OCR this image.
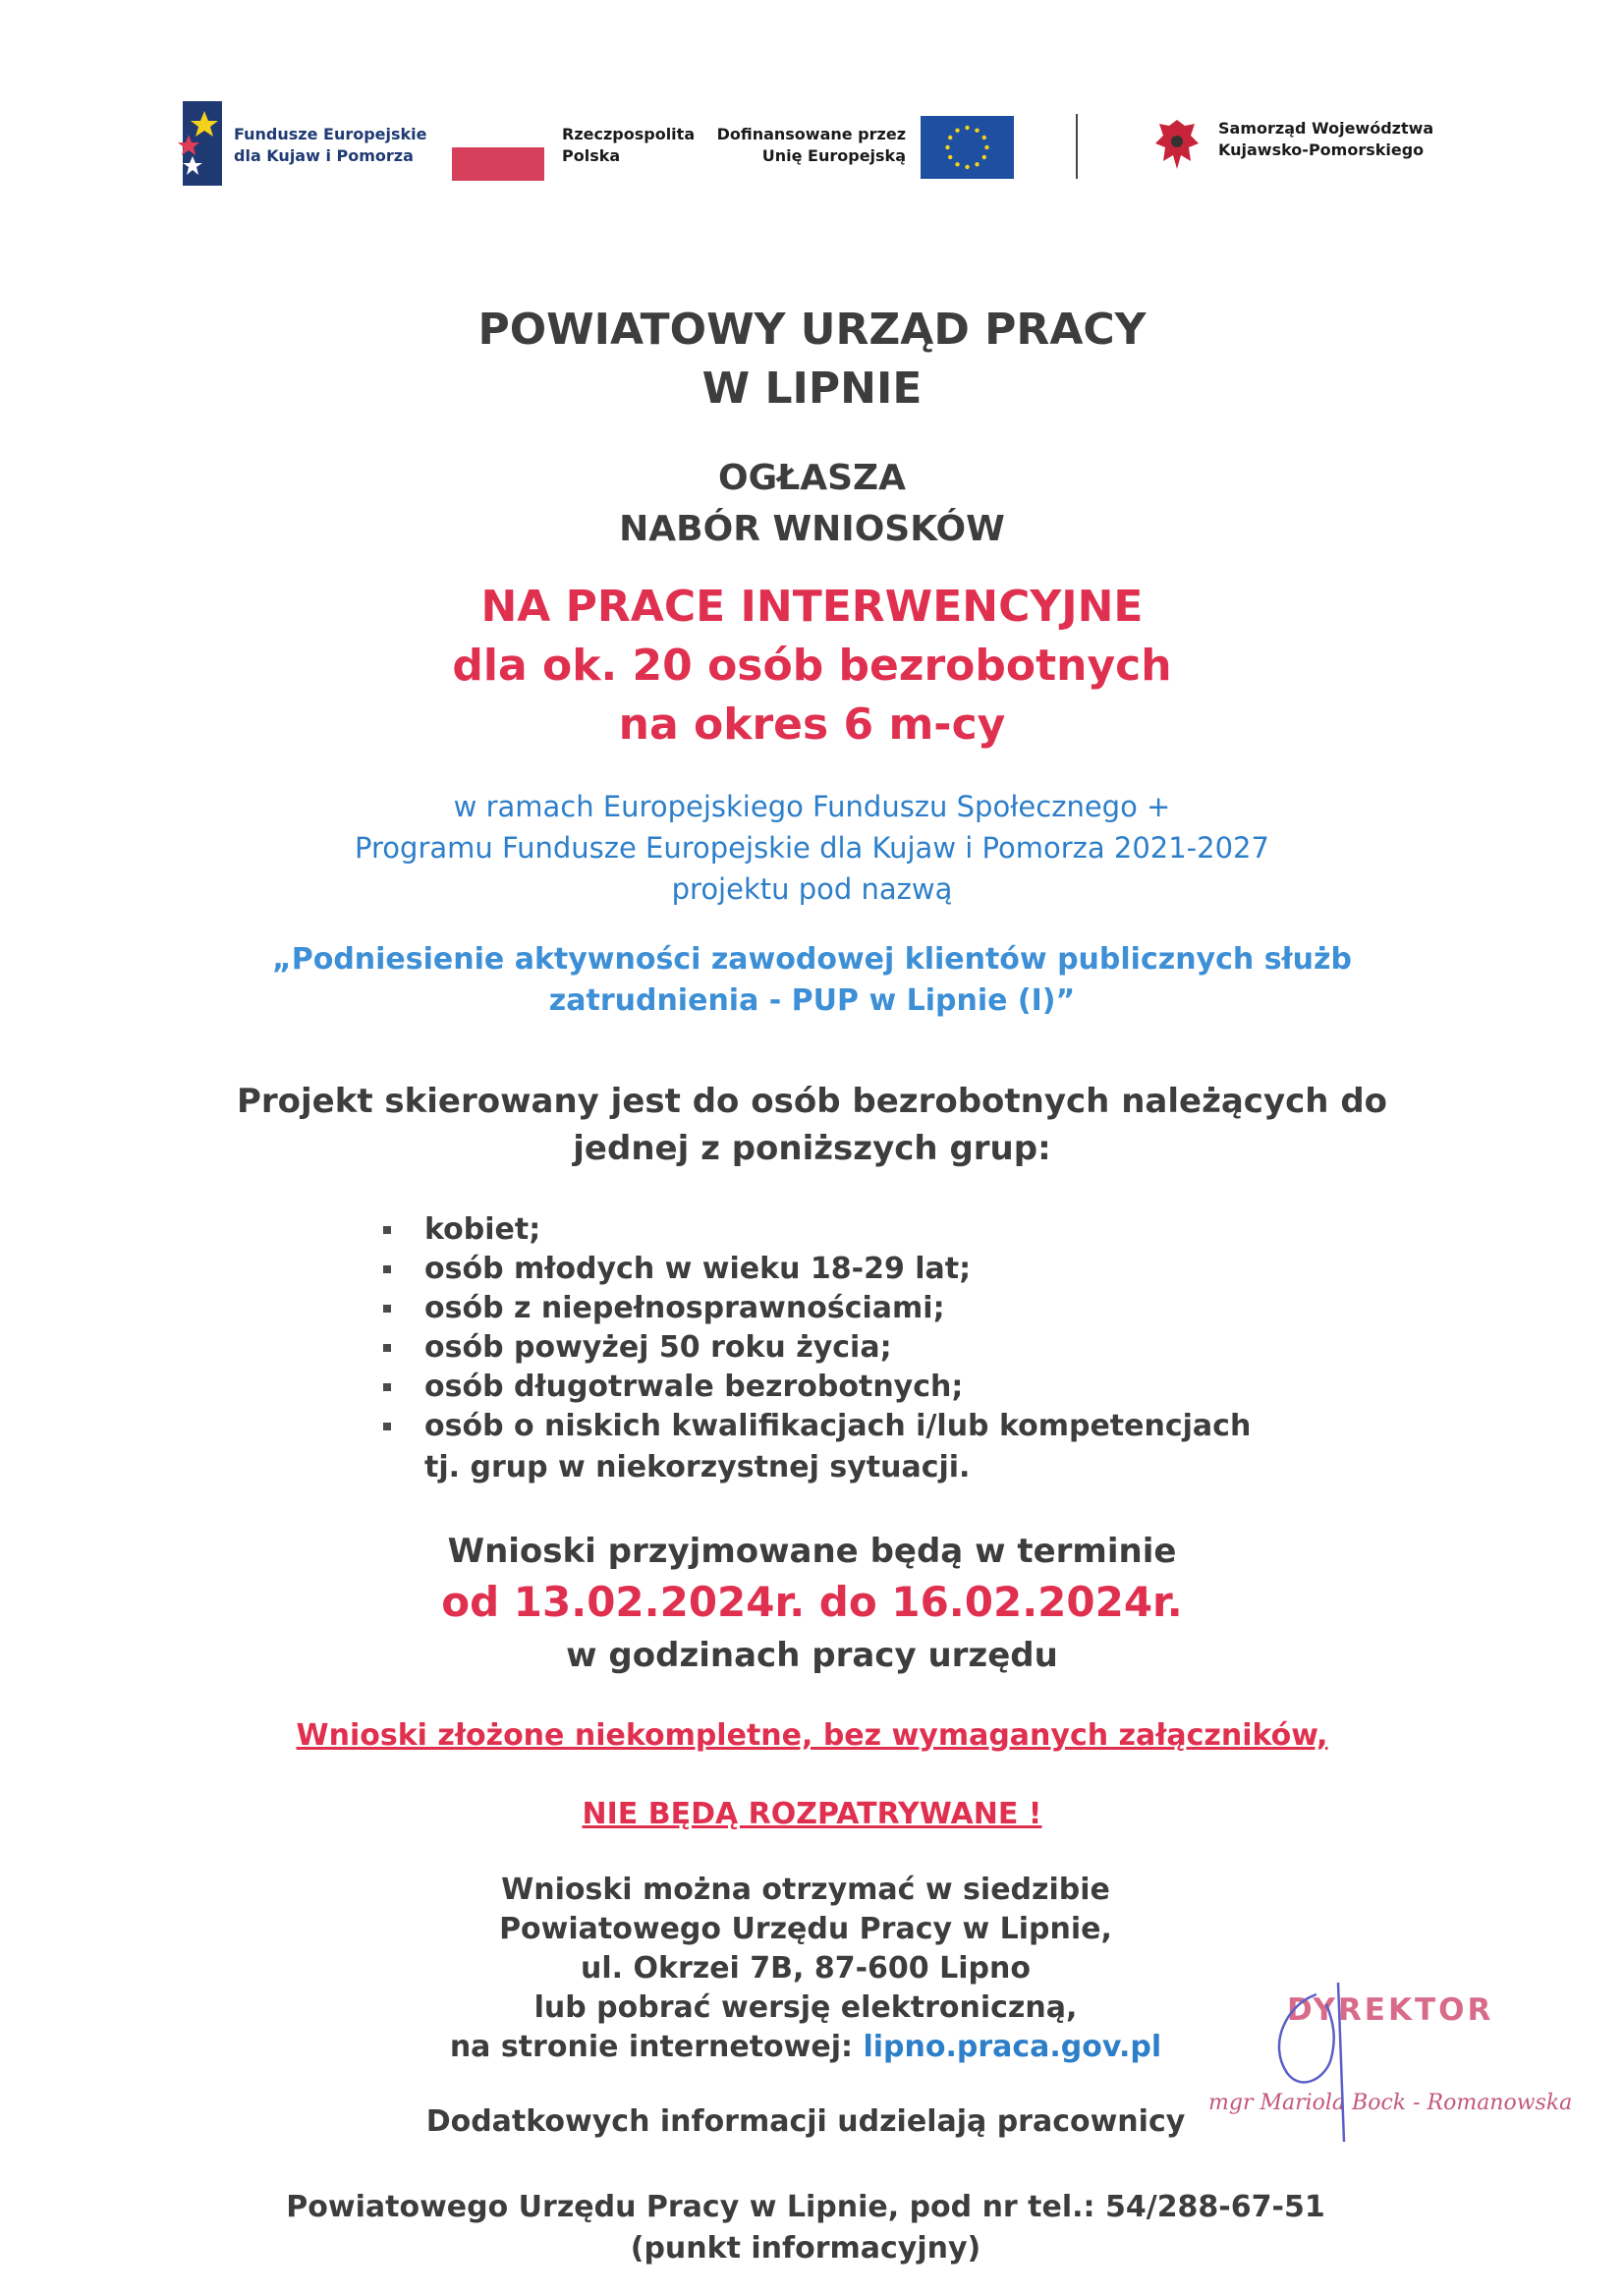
Fundusze Europejskie
dla Kujaw i Pomorza
Rzeczpospolita
Polska
Dofinansowane przez
Unię Europejską
Samorząd Województwa
Kujawsko-Pomorskiego
POWIATOWY URZĄD PRACY
W LIPNIE
OGŁASZA
NABÓR WNIOSKÓW
NA PRACE INTERWENCYJNE
dla ok. 20 osób bezrobotnych
na okres 6 m-cy
w ramach Europejskiego Funduszu Społecznego +
Programu Fundusze Europejskie dla Kujaw i Pomorza 2021-2027
projektu pod nazwą
„Podniesienie aktywności zawodowej klientów publicznych służb
zatrudnienia - PUP w Lipnie (I)”
Projekt skierowany jest do osób bezrobotnych należących do
jednej z poniższych grup:
kobiet;
osób młodych w wieku 18-29 lat;
osób z niepełnosprawnościami;
osób powyżej 50 roku życia;
osób długotrwale bezrobotnych;
osób o niskich kwalifikacjach i/lub kompetencjach
tj. grup w niekorzystnej sytuacji.
Wnioski przyjmowane będą w terminie
od 13.02.2024r. do 16.02.2024r.
w godzinach pracy urzędu
Wnioski złożone niekompletne, bez wymaganych załączników,
NIE BĘDĄ ROZPATRYWANE !
Wnioski można otrzymać w siedzibie
Powiatowego Urzędu Pracy w Lipnie,
ul. Okrzei 7B, 87-600 Lipno
lub pobrać wersję elektroniczną,
na stronie internetowej: lipno.praca.gov.pl
Dodatkowych informacji udzielają pracownicy
Powiatowego Urzędu Pracy w Lipnie, pod nr tel.: 54/288-67-51
(punkt informacyjny)
DYREKTOR
mgr Mariola Bock - Romanowska
